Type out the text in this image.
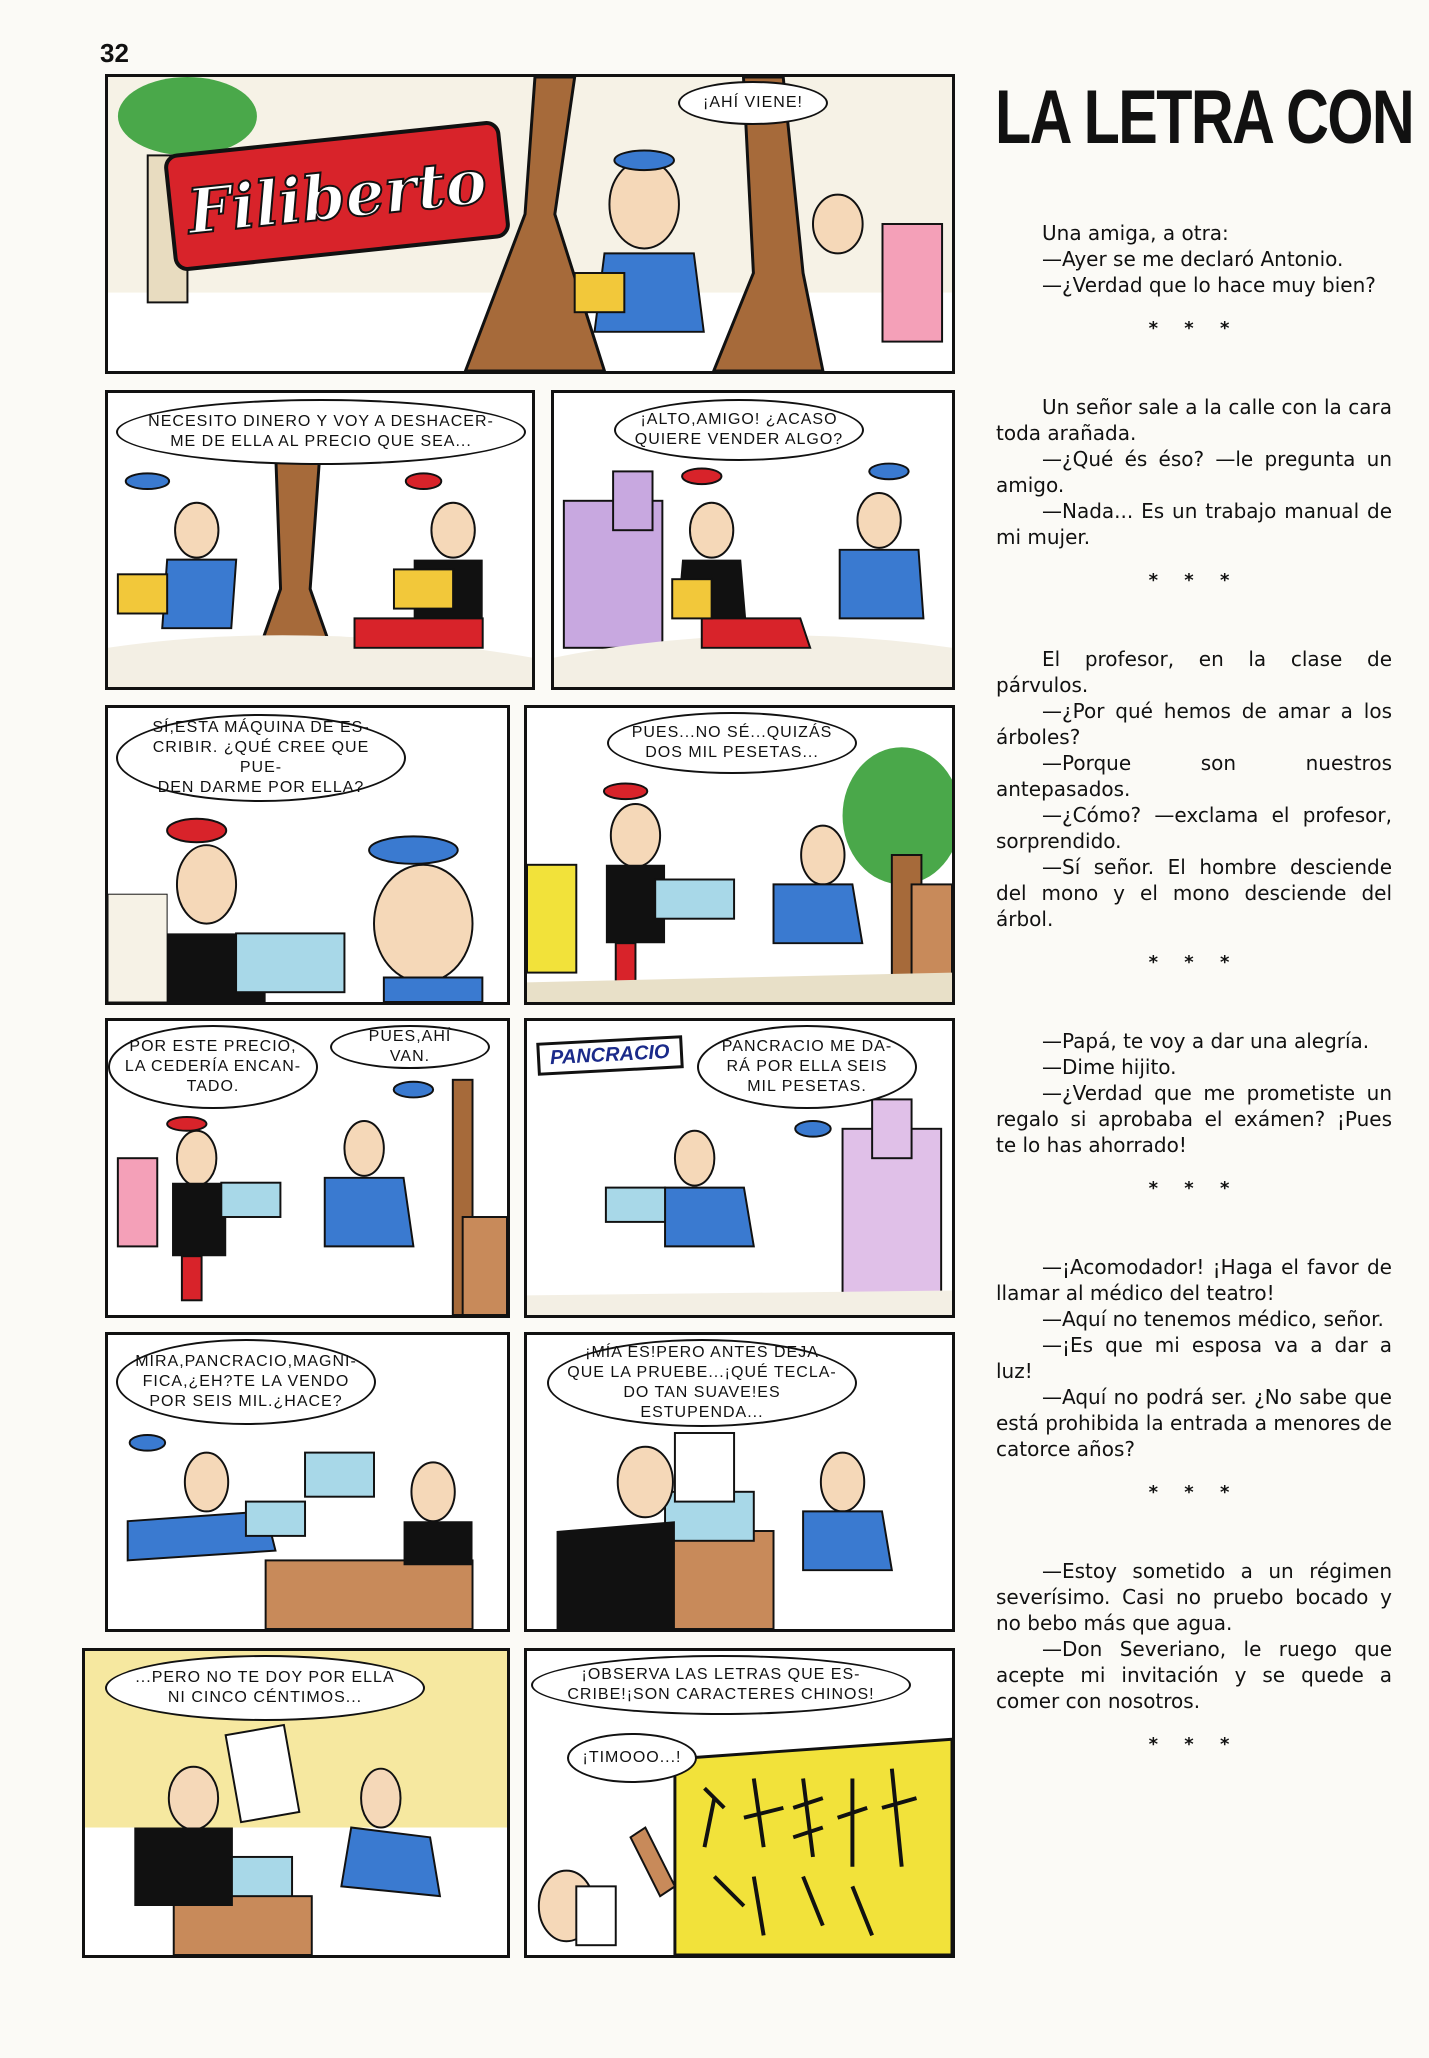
32
Filiberto
¡AHÍ VIENE!
NECESITO DINERO Y VOY A DESHACER-
ME DE ELLA AL PRECIO QUE SEA...
¡ALTO,AMIGO! ¿ACASO
QUIERE VENDER ALGO?
SÍ,ESTA MÁQUINA DE ES-
CRIBIR. ¿QUÉ CREE QUE PUE-
DEN DARME POR ELLA?
PUES...NO SÉ...QUIZÁS
DOS MIL PESETAS...
POR ESTE PRECIO,
LA CEDERÍA ENCAN-
TADO.
PUES,AHÍ VAN.	PANCRACIO	PANCRACIO ME DA-
RÁ POR ELLA SEIS
MIL PESETAS.
MIRA,PANCRACIO,MAGNI-
FICA,¿EH?TE LA VENDO
POR SEIS MIL.¿HACE?
¡MÍA ES!PERO ANTES DEJA
QUE LA PRUEBE...¡QUÉ TECLA-
DO TAN SUAVE!ES ESTUPENDA...
...PERO NO TE DOY POR ELLA
NI CINCO CÉNTIMOS...
¡OBSERVA LAS LETRAS QUE ES-
CRIBE!¡SON CARACTERES CHINOS!
¡TIMOOO...!
LA LETRA CON

Una amiga, a otra:

—Ayer se me declaró Antonio.

—¿Verdad que lo hace muy bien?

* * *

Un señor sale a la calle con la cara toda arañada.

—¿Qué és éso? —le pregunta un amigo.

—Nada... Es un trabajo manual de mi mujer.

* * *

El profesor, en la clase de párvulos.

—¿Por qué hemos de amar a los árboles?

—Porque son nuestros antepasados.

—¿Cómo? —exclama el profesor, sorprendido.

—Sí señor. El hombre desciende del mono y el mono desciende del árbol.

* * *

—Papá, te voy a dar una alegría.

—Dime hijito.

—¿Verdad que me prometiste un regalo si aprobaba el exámen? ¡Pues te lo has ahorrado!

* * *

—¡Acomodador! ¡Haga el favor de llamar al médico del teatro!

—Aquí no tenemos médico, señor.

—¡Es que mi esposa va a dar a luz!

—Aquí no podrá ser. ¿No sabe que está prohibida la entrada a menores de catorce años?

* * *

—Estoy sometido a un régimen severísimo. Casi no pruebo bocado y no bebo más que agua.

—Don Severiano, le ruego que acepte mi invitación y se quede a comer con nosotros.

* * *
